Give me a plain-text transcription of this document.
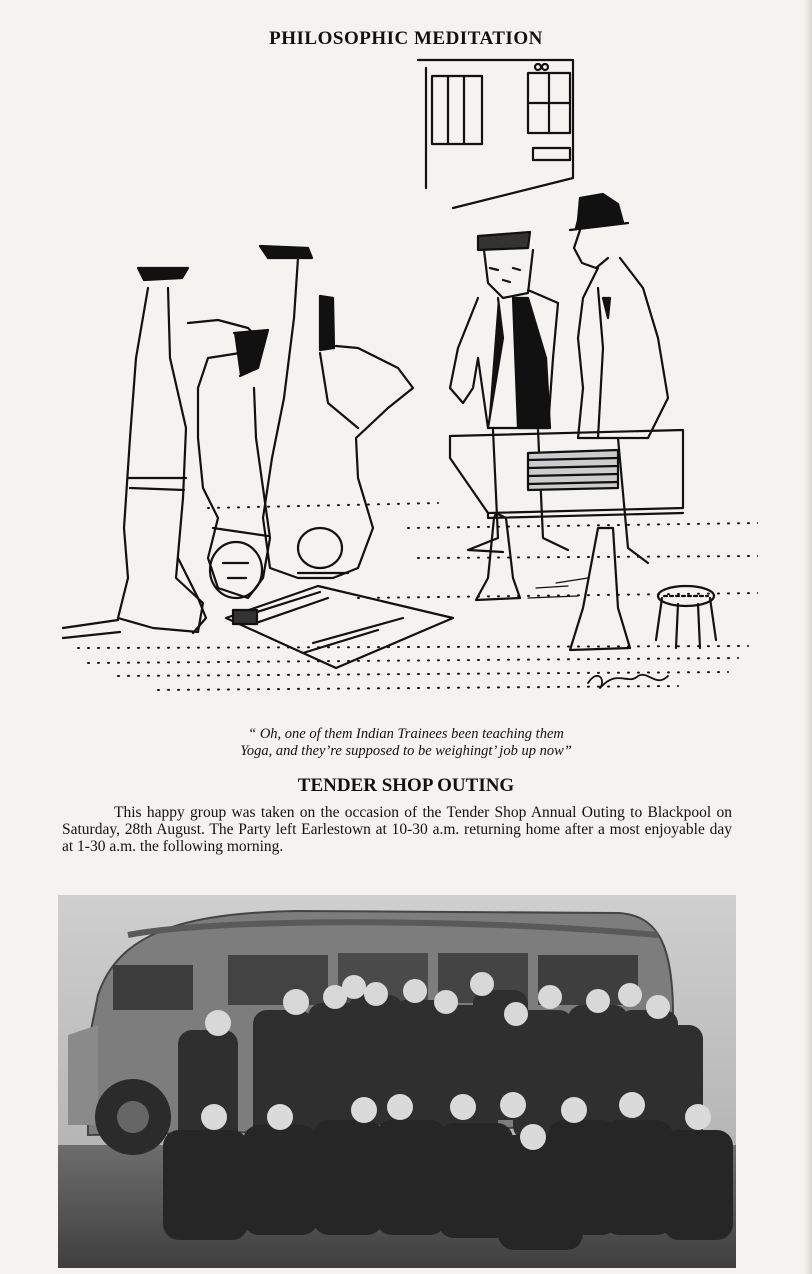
PHILOSOPHIC MEDITATION
“ Oh, one of them Indian Trainees been teaching them
Yoga, and they’re supposed to be weighingt’ job up now”
TENDER SHOP OUTING
This happy group was taken on the occasion of the Tender Shop Annual Outing to Blackpool on Saturday, 28th August. The Party left Earlestown at 10-30 a.m. returning home after a most enjoyable day at 1-30 a.m. the following morning.
